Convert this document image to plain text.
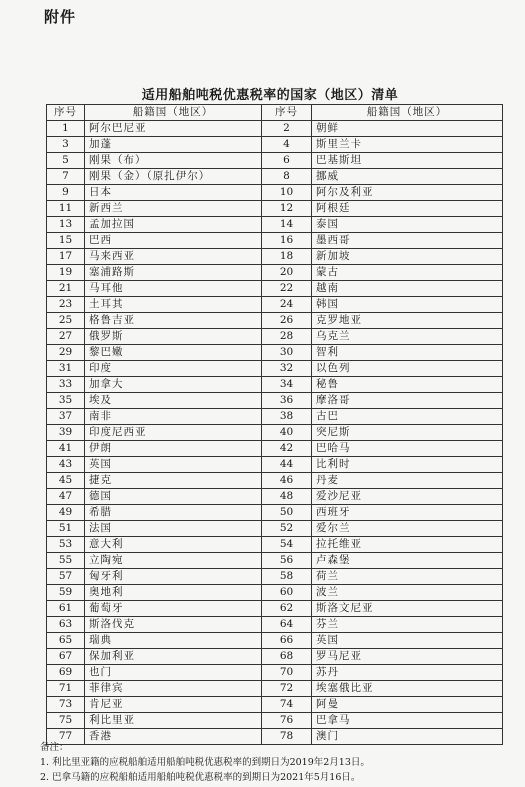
附件
适用船舶吨税优惠税率的国家（地区）清单
序号	船籍国（地区）	序号	船籍国（地区）
1	阿尔巴尼亚	2	朝鲜
3	加蓬	4	斯里兰卡
5	刚果（布）	6	巴基斯坦
7	刚果（金）（原扎伊尔）	8	挪威
9	日本	10	阿尔及利亚
11	新西兰	12	阿根廷
13	孟加拉国	14	泰国
15	巴西	16	墨西哥
17	马来西亚	18	新加坡
19	塞浦路斯	20	蒙古
21	马耳他	22	越南
23	土耳其	24	韩国
25	格鲁吉亚	26	克罗地亚
27	俄罗斯	28	乌克兰
29	黎巴嫩	30	智利
31	印度	32	以色列
33	加拿大	34	秘鲁
35	埃及	36	摩洛哥
37	南非	38	古巴
39	印度尼西亚	40	突尼斯
41	伊朗	42	巴哈马
43	英国	44	比利时
45	捷克	46	丹麦
47	德国	48	爱沙尼亚
49	希腊	50	西班牙
51	法国	52	爱尔兰
53	意大利	54	拉托维亚
55	立陶宛	56	卢森堡
57	匈牙利	58	荷兰
59	奥地利	60	波兰
61	葡萄牙	62	斯洛文尼亚
63	斯洛伐克	64	芬兰
65	瑞典	66	英国
67	保加利亚	68	罗马尼亚
69	也门	70	苏丹
71	菲律宾	72	埃塞俄比亚
73	肯尼亚	74	阿曼
75	利比里亚	76	巴拿马
77	香港	78	澳门
备注：
1. 利比里亚籍的应税船舶适用船舶吨税优惠税率的到期日为2019年2月13日。
2. 巴拿马籍的应税船舶适用船舶吨税优惠税率的到期日为2021年5月16日。
